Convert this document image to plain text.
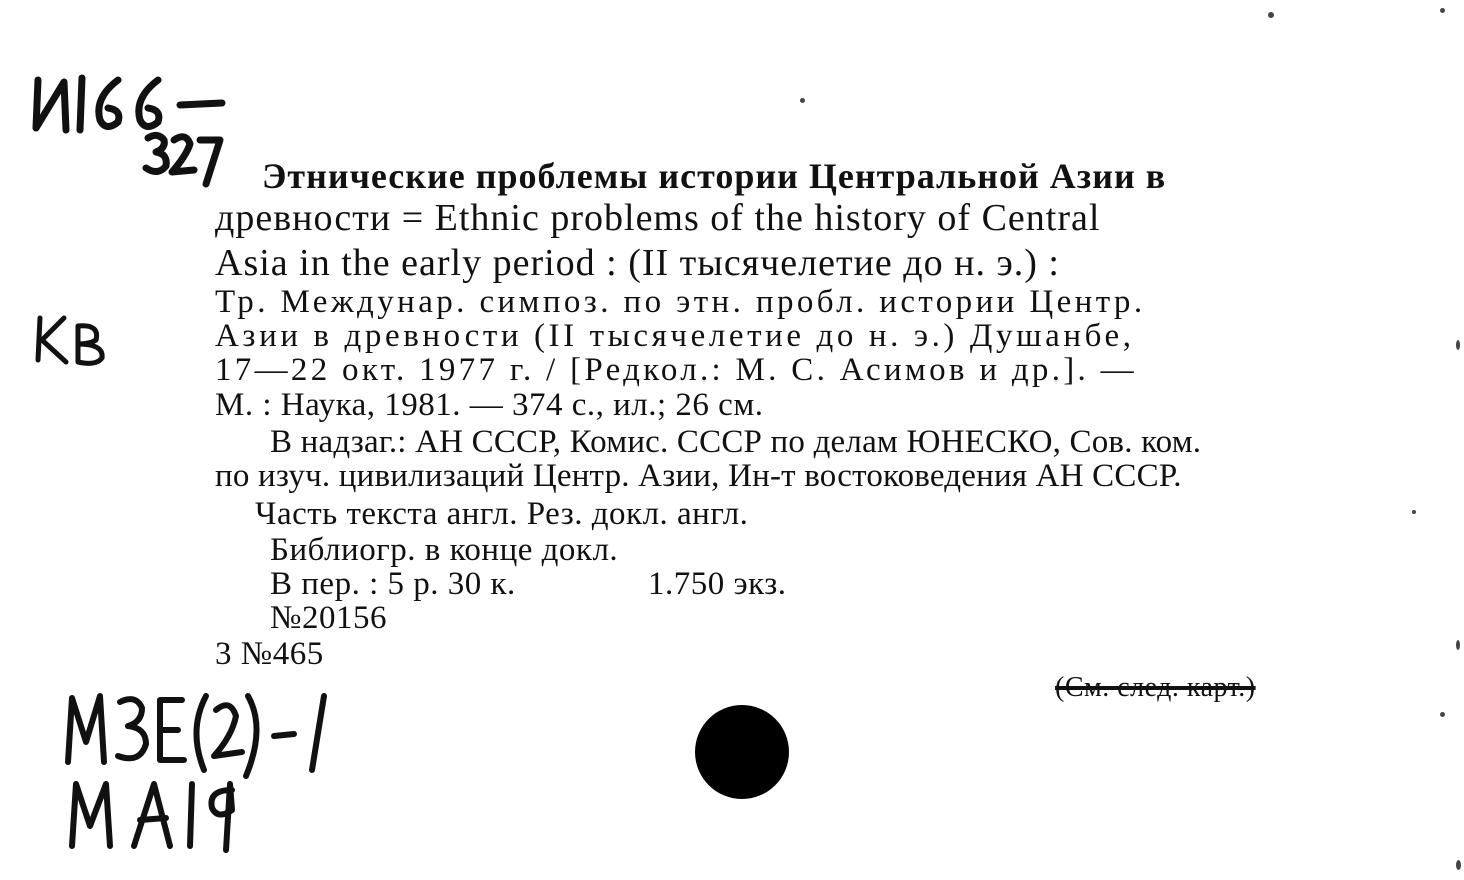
Этнические проблемы истории Центральной Азии в
древности = Ethnic problems of the history of Central
Asia in the early period : (II тысячелетие до н. э.) :
Тр. Междунар. симпоз. по этн. пробл. истории Центр.
Азии в древности (II тысячелетие до н. э.) Душанбе,
17—22 окт. 1977 г. / [Редкол.: М. С. Асимов и др.]. —
М. : Наука, 1981. — 374 с., ил.; 26 см.
В надзаг.: АН СССР, Комис. СССР по делам ЮНЕСКО, Сов. ком.
по изуч. цивилизаций Центр. Азии, Ин-т востоковедения АН СССР.
Часть текста англ. Рез. докл. англ.
Библиогр. в конце докл.
В пер. : 5 р. 30 к.	1.750 экз.
№20156
3 №465
(См. след. карт.)
